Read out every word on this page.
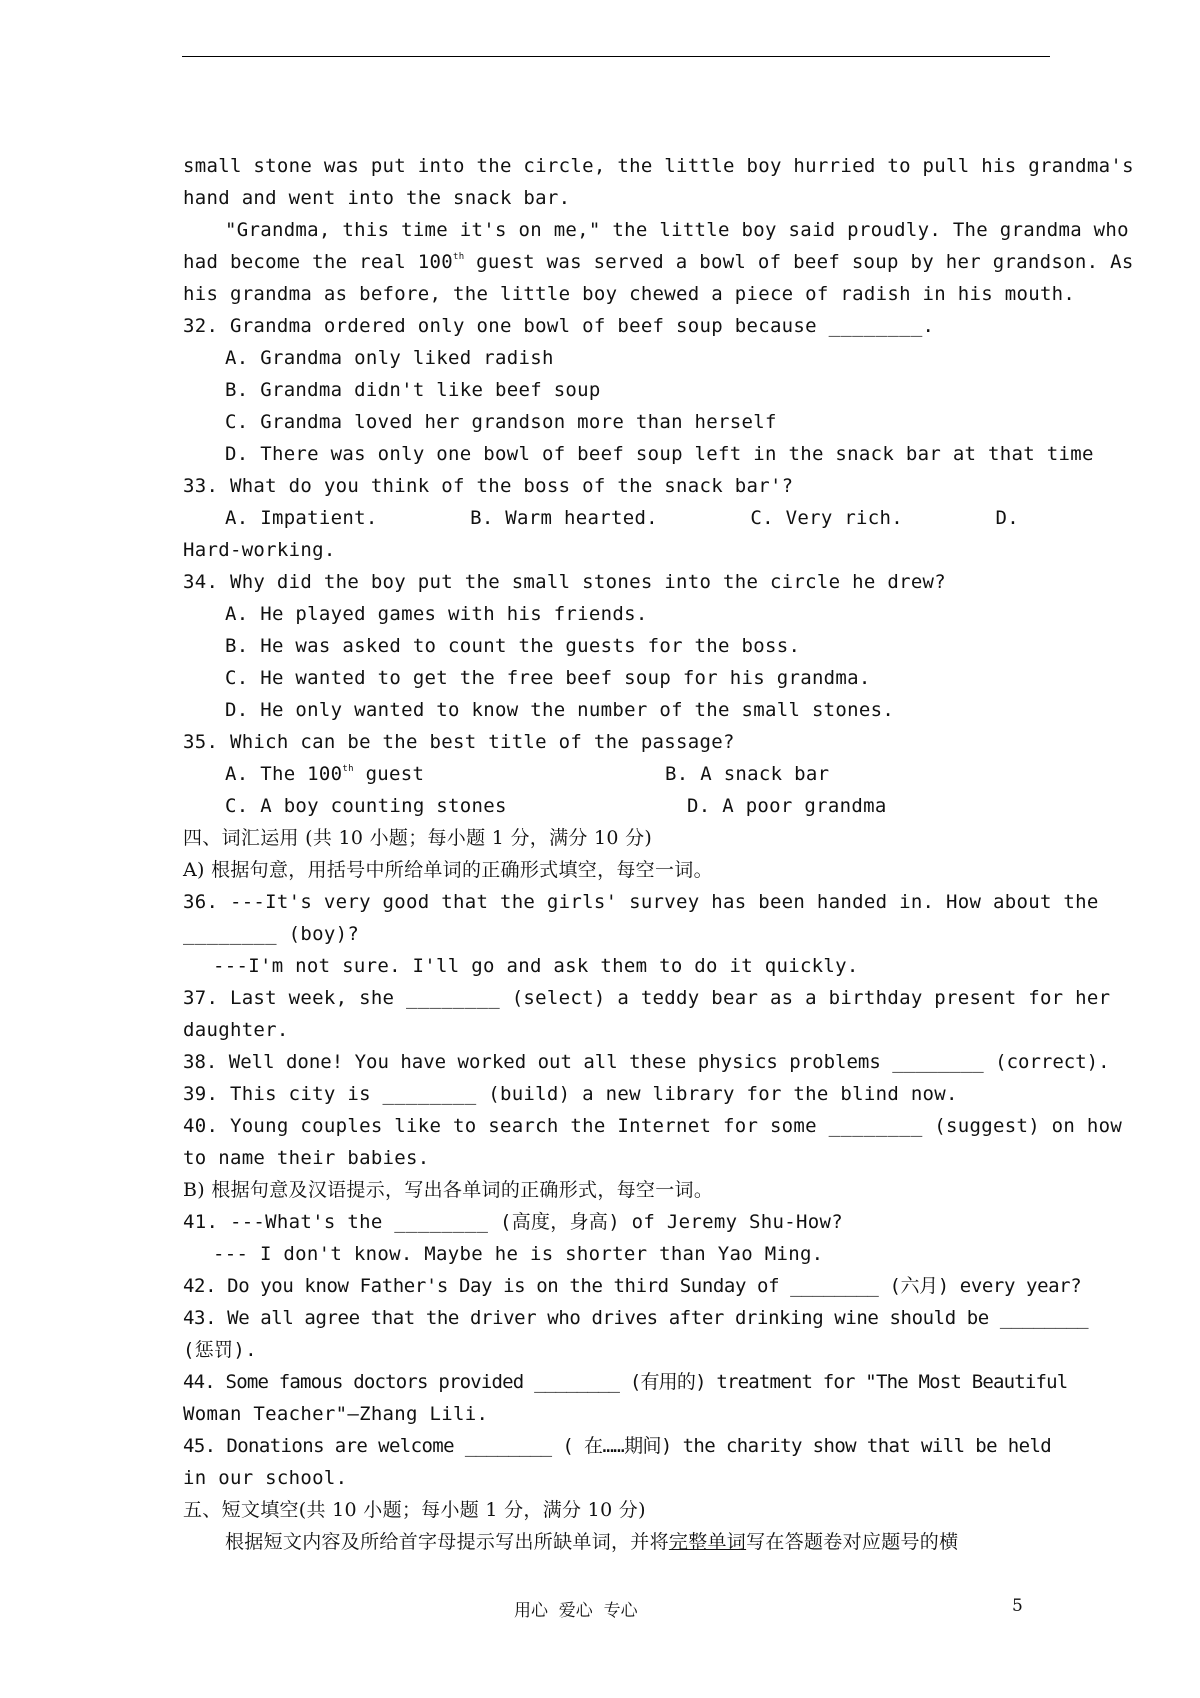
small stone was put into the circle, the little boy hurried to pull his grandma's
hand and went into the snack bar.
"Grandma, this time it's on me," the little boy said proudly. The grandma who
had become the real 100th guest was served a bowl of beef soup by her grandson. As
his grandma as before, the little boy chewed a piece of radish in his mouth.
32. Grandma ordered only one bowl of beef soup because ________.
A. Grandma only liked radish
B. Grandma didn't like beef soup
C. Grandma loved her grandson more than herself
D. There was only one bowl of beef soup left in the snack bar at that time
33. What do you think of the boss of the snack bar'?
A. Impatient.	B. Warm hearted.	C. Very rich.	D.
Hard-working.
34. Why did the boy put the small stones into the circle he drew?
A. He played games with his friends.
B. He was asked to count the guests for the boss.
C. He wanted to get the free beef soup for his grandma.
D. He only wanted to know the number of the small stones.
35. Which can be the best title of the passage?
A. The 100th guest	B. A snack bar
C. A boy counting stones	D. A poor grandma
四、词汇运用 (共 10 小题；每小题 1 分，满分 10 分)
A) 根据句意，用括号中所给单词的正确形式填空，每空一词。
36. ---It's very good that the girls' survey has been handed in. How about the
________ (boy)?
---I'm not sure. I'll go and ask them to do it quickly.
37. Last week, she ________ (select) a teddy bear as a birthday present for her
daughter.
38. Well done! You have worked out all these physics problems ________ (correct).
39. This city is ________ (build) a new library for the blind now.
40. Young couples like to search the Internet for some ________ (suggest) on how
to name their babies.
B) 根据句意及汉语提示，写出各单词的正确形式，每空一词。
41. ---What's the ________ (高度，身高) of Jeremy Shu-How?
--- I don't know. Maybe he is shorter than Yao Ming.
42. Do you know Father's Day is on the third Sunday of ________ (六月) every year?
43. We all agree that the driver who drives after drinking wine should be ________
(惩罚).
44. Some famous doctors provided ________ (有用的) treatment for "The Most Beautiful
Woman Teacher"—Zhang Lili.
45. Donations are welcome ________ ( 在……期间) the charity show that will be held
in our school.
五、短文填空(共 10 小题；每小题 1 分，满分 10 分)
根据短文内容及所给首字母提示写出所缺单词，并将完整单词写在答题卷对应题号的横
用心  爱心  专心	5
